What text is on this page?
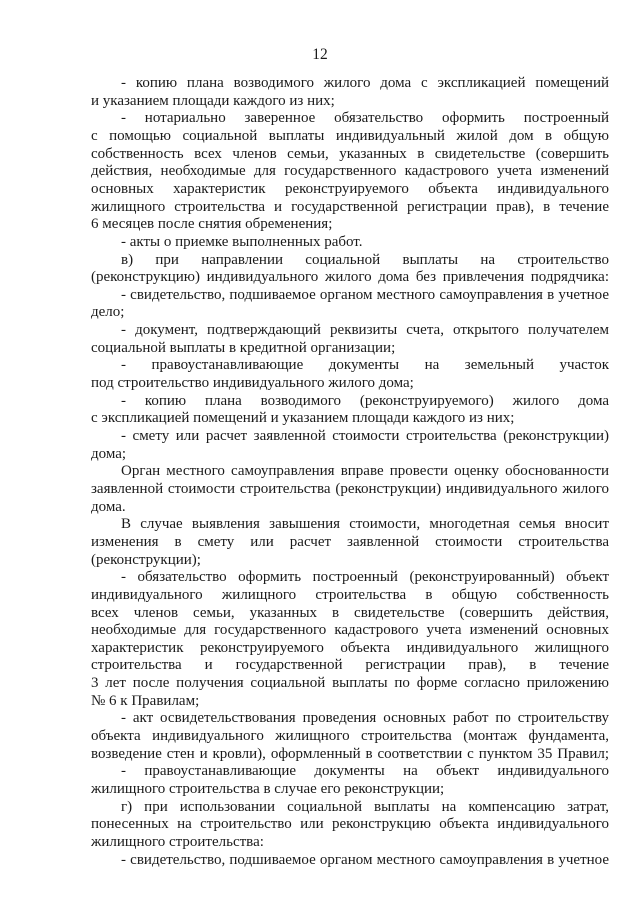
12
- копию плана возводимого жилого дома с экспликацией помещений
и указанием площади каждого из них;
- нотариально заверенное обязательство оформить построенный
с помощью социальной выплаты индивидуальный жилой дом в общую
собственность всех членов семьи, указанных в свидетельстве (совершить
действия, необходимые для государственного кадастрового учета изменений
основных характеристик реконструируемого объекта индивидуального
жилищного строительства и государственной регистрации прав), в течение
6 месяцев после снятия обременения;
- акты о приемке выполненных работ.
в) при направлении социальной выплаты на строительство
(реконструкцию) индивидуального жилого дома без привлечения подрядчика:
- свидетельство, подшиваемое органом местного самоуправления в учетное
дело;
- документ, подтверждающий реквизиты счета, открытого получателем
социальной выплаты в кредитной организации;
- правоустанавливающие документы на земельный участок
под строительство индивидуального жилого дома;
- копию плана возводимого (реконструируемого) жилого дома
с экспликацией помещений и указанием площади каждого из них;
- смету или расчет заявленной стоимости строительства (реконструкции)
дома;
Орган местного самоуправления вправе провести оценку обоснованности
заявленной стоимости строительства (реконструкции) индивидуального жилого
дома.
В случае выявления завышения стоимости, многодетная семья вносит
изменения в смету или расчет заявленной стоимости строительства
(реконструкции);
- обязательство оформить построенный (реконструированный) объект
индивидуального жилищного строительства в общую собственность
всех членов семьи, указанных в свидетельстве (совершить действия,
необходимые для государственного кадастрового учета изменений основных
характеристик реконструируемого объекта индивидуального жилищного
строительства и государственной регистрации прав), в течение
3 лет после получения социальной выплаты по форме согласно приложению
№ 6 к Правилам;
- акт освидетельствования проведения основных работ по строительству
объекта индивидуального жилищного строительства (монтаж фундамента,
возведение стен и кровли), оформленный в соответствии с пунктом 35 Правил;
- правоустанавливающие документы на объект индивидуального
жилищного строительства в случае его реконструкции;
г) при использовании социальной выплаты на компенсацию затрат,
понесенных на строительство или реконструкцию объекта индивидуального
жилищного строительства:
- свидетельство, подшиваемое органом местного самоуправления в учетное
